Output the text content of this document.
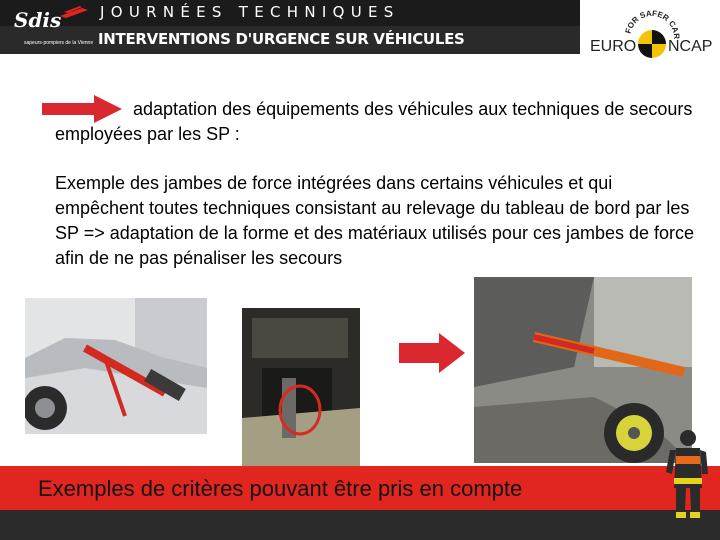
Sdis
sapeurs-pompiers de la Vienne
JOURNÉES TECHNIQUES
INTERVENTIONS D'URGENCE SUR VÉHICULES	FOR SAFER CAR
EURO NCAP
adaptation des équipements des véhicules aux techniques de secours employées par les SP :
Exemple des jambes de force intégrées dans certains véhicules et qui empêchent toutes techniques consistant au relevage du tableau de bord par les SP => adaptation de la forme et des matériaux utilisés pour ces jambes de force afin de ne pas pénaliser les secours
Exemples de critères pouvant être pris en compte
